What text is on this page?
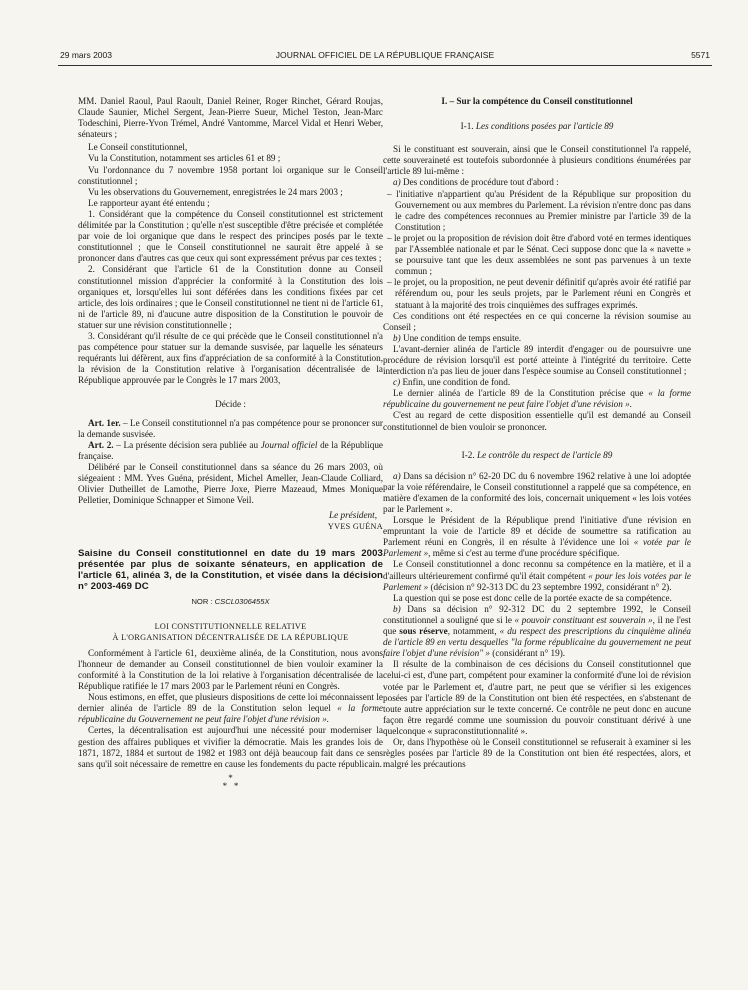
29 mars 2003	JOURNAL OFFICIEL DE LA RÉPUBLIQUE FRANÇAISE	5571

MM. Daniel Raoul, Paul Raoult, Daniel Reiner, Roger Rinchet, Gérard Roujas, Claude Saunier, Michel Sergent, Jean-Pierre Sueur, Michel Teston, Jean-Marc Todeschini, Pierre-Yvon Trémel, André Vantomme, Marcel Vidal et Henri Weber, sénateurs ;

Le Conseil constitutionnel,

Vu la Constitution, notamment ses articles 61 et 89 ;

Vu l'ordonnance du 7 novembre 1958 portant loi organique sur le Conseil constitutionnel ;

Vu les observations du Gouvernement, enregistrées le 24 mars 2003 ;

Le rapporteur ayant été entendu ;

1. Considérant que la compétence du Conseil constitutionnel est strictement délimitée par la Constitution ; qu'elle n'est susceptible d'être précisée et complétée par voie de loi organique que dans le respect des principes posés par le texte constitutionnel ; que le Conseil constitutionnel ne saurait être appelé à se prononcer dans d'autres cas que ceux qui sont expressément prévus par ces textes ;

2. Considérant que l'article 61 de la Constitution donne au Conseil constitutionnel mission d'apprécier la conformité à la Constitution des lois organiques et, lorsqu'elles lui sont déférées dans les conditions fixées par cet article, des lois ordinaires ; que le Conseil constitutionnel ne tient ni de l'article 61, ni de l'article 89, ni d'aucune autre disposition de la Constitution le pouvoir de statuer sur une révision constitutionnelle ;

3. Considérant qu'il résulte de ce qui précède que le Conseil constitutionnel n'a pas compétence pour statuer sur la demande susvisée, par laquelle les sénateurs requérants lui défèrent, aux fins d'appréciation de sa conformité à la Constitution, la révision de la Constitution relative à l'organisation décentralisée de la République approuvée par le Congrès le 17 mars 2003,

Décide :

Art. 1er. – Le Conseil constitutionnel n'a pas compétence pour se prononcer sur la demande susvisée.

Art. 2. – La présente décision sera publiée au Journal officiel de la République française.

Délibéré par le Conseil constitutionnel dans sa séance du 26 mars 2003, où siégeaient : MM. Yves Guéna, président, Michel Ameller, Jean-Claude Colliard, Olivier Dutheillet de Lamothe, Pierre Joxe, Pierre Mazeaud, Mmes Monique Pelletier, Dominique Schnapper et Simone Veil.

Le président,

YVES GUÉNA

Saisine du Conseil constitutionnel en date du 19 mars 2003 présentée par plus de soixante sénateurs, en application de l'article 61, alinéa 3, de la Constitution, et visée dans la décision n° 2003-469 DC

NOR : CSCL0306455X

LOI CONSTITUTIONNELLE RELATIVE

À L'ORGANISATION DÉCENTRALISÉE DE LA RÉPUBLIQUE

Conformément à l'article 61, deuxième alinéa, de la Constitution, nous avons l'honneur de demander au Conseil constitutionnel de bien vouloir examiner la conformité à la Constitution de la loi relative à l'organisation décentralisée de la République ratifiée le 17 mars 2003 par le Parlement réuni en Congrès.

Nous estimons, en effet, que plusieurs dispositions de cette loi méconnaissent le dernier alinéa de l'article 89 de la Constitution selon lequel « la forme républicaine du Gouvernement ne peut faire l'objet d'une révision ».

Certes, la décentralisation est aujourd'hui une nécessité pour moderniser la gestion des affaires publiques et vivifier la démocratie. Mais les grandes lois de 1871, 1872, 1884 et surtout de 1982 et 1983 ont déjà beaucoup fait dans ce sens sans qu'il soit nécessaire de remettre en cause les fondements du pacte républicain.

*
* *

I. – Sur la compétence du Conseil constitutionnel

I-1. Les conditions posées par l'article 89

Si le constituant est souverain, ainsi que le Conseil constitutionnel l'a rappelé, cette souveraineté est toutefois subordonnée à plusieurs conditions énumérées par l'article 89 lui-même :

a) Des conditions de procédure tout d'abord :

– l'initiative n'appartient qu'au Président de la République sur proposition du Gouvernement ou aux membres du Parlement. La révision n'entre donc pas dans le cadre des compétences reconnues au Premier ministre par l'article 39 de la Constitution ;

– le projet ou la proposition de révision doit être d'abord voté en termes identiques par l'Assemblée nationale et par le Sénat. Ceci suppose donc que la « navette » se poursuive tant que les deux assemblées ne sont pas parvenues à un texte commun ;

– le projet, ou la proposition, ne peut devenir définitif qu'après avoir été ratifié par référendum ou, pour les seuls projets, par le Parlement réuni en Congrès et statuant à la majorité des trois cinquièmes des suffrages exprimés.

Ces conditions ont été respectées en ce qui concerne la révision soumise au Conseil ;

b) Une condition de temps ensuite.

L'avant-dernier alinéa de l'article 89 interdit d'engager ou de poursuivre une procédure de révision lorsqu'il est porté atteinte à l'intégrité du territoire. Cette interdiction n'a pas lieu de jouer dans l'espèce soumise au Conseil constitutionnel ;

c) Enfin, une condition de fond.

Le dernier alinéa de l'article 89 de la Constitution précise que « la forme républicaine du gouvernement ne peut faire l'objet d'une révision ».

C'est au regard de cette disposition essentielle qu'il est demandé au Conseil constitutionnel de bien vouloir se prononcer.

I-2. Le contrôle du respect de l'article 89

a) Dans sa décision n° 62-20 DC du 6 novembre 1962 relative à une loi adoptée par la voie référendaire, le Conseil constitutionnel a rappelé que sa compétence, en matière d'examen de la conformité des lois, concernait uniquement « les lois votées par le Parlement ».

Lorsque le Président de la République prend l'initiative d'une révision en empruntant la voie de l'article 89 et décide de soumettre sa ratification au Parlement réuni en Congrès, il en résulte à l'évidence une loi « votée par le Parlement », même si c'est au terme d'une procédure spécifique.

Le Conseil constitutionnel a donc reconnu sa compétence en la matière, et il a d'ailleurs ultérieurement confirmé qu'il était compétent « pour les lois votées par le Parlement » (décision n° 92-313 DC du 23 septembre 1992, considérant n° 2).

La question qui se pose est donc celle de la portée exacte de sa compétence.

b) Dans sa décision n° 92-312 DC du 2 septembre 1992, le Conseil constitutionnel a souligné que si le « pouvoir constituant est souverain », il ne l'est que sous réserve, notamment, « du respect des prescriptions du cinquième alinéa de l'article 89 en vertu desquelles "la forme républicaine du gouvernement ne peut faire l'objet d'une révision" » (considérant n° 19).

Il résulte de la combinaison de ces décisions du Conseil constitutionnel que celui-ci est, d'une part, compétent pour examiner la conformité d'une loi de révision votée par le Parlement et, d'autre part, ne peut que se vérifier si les exigences posées par l'article 89 de la Constitution ont bien été respectées, en s'abstenant de toute autre appréciation sur le texte concerné. Ce contrôle ne peut donc en aucune façon être regardé comme une soumission du pouvoir constituant dérivé à une quelconque « supraconstitutionnalité ».

Or, dans l'hypothèse où le Conseil constitutionnel se refuserait à examiner si les règles posées par l'article 89 de la Constitution ont bien été respectées, alors, et malgré les précautions
